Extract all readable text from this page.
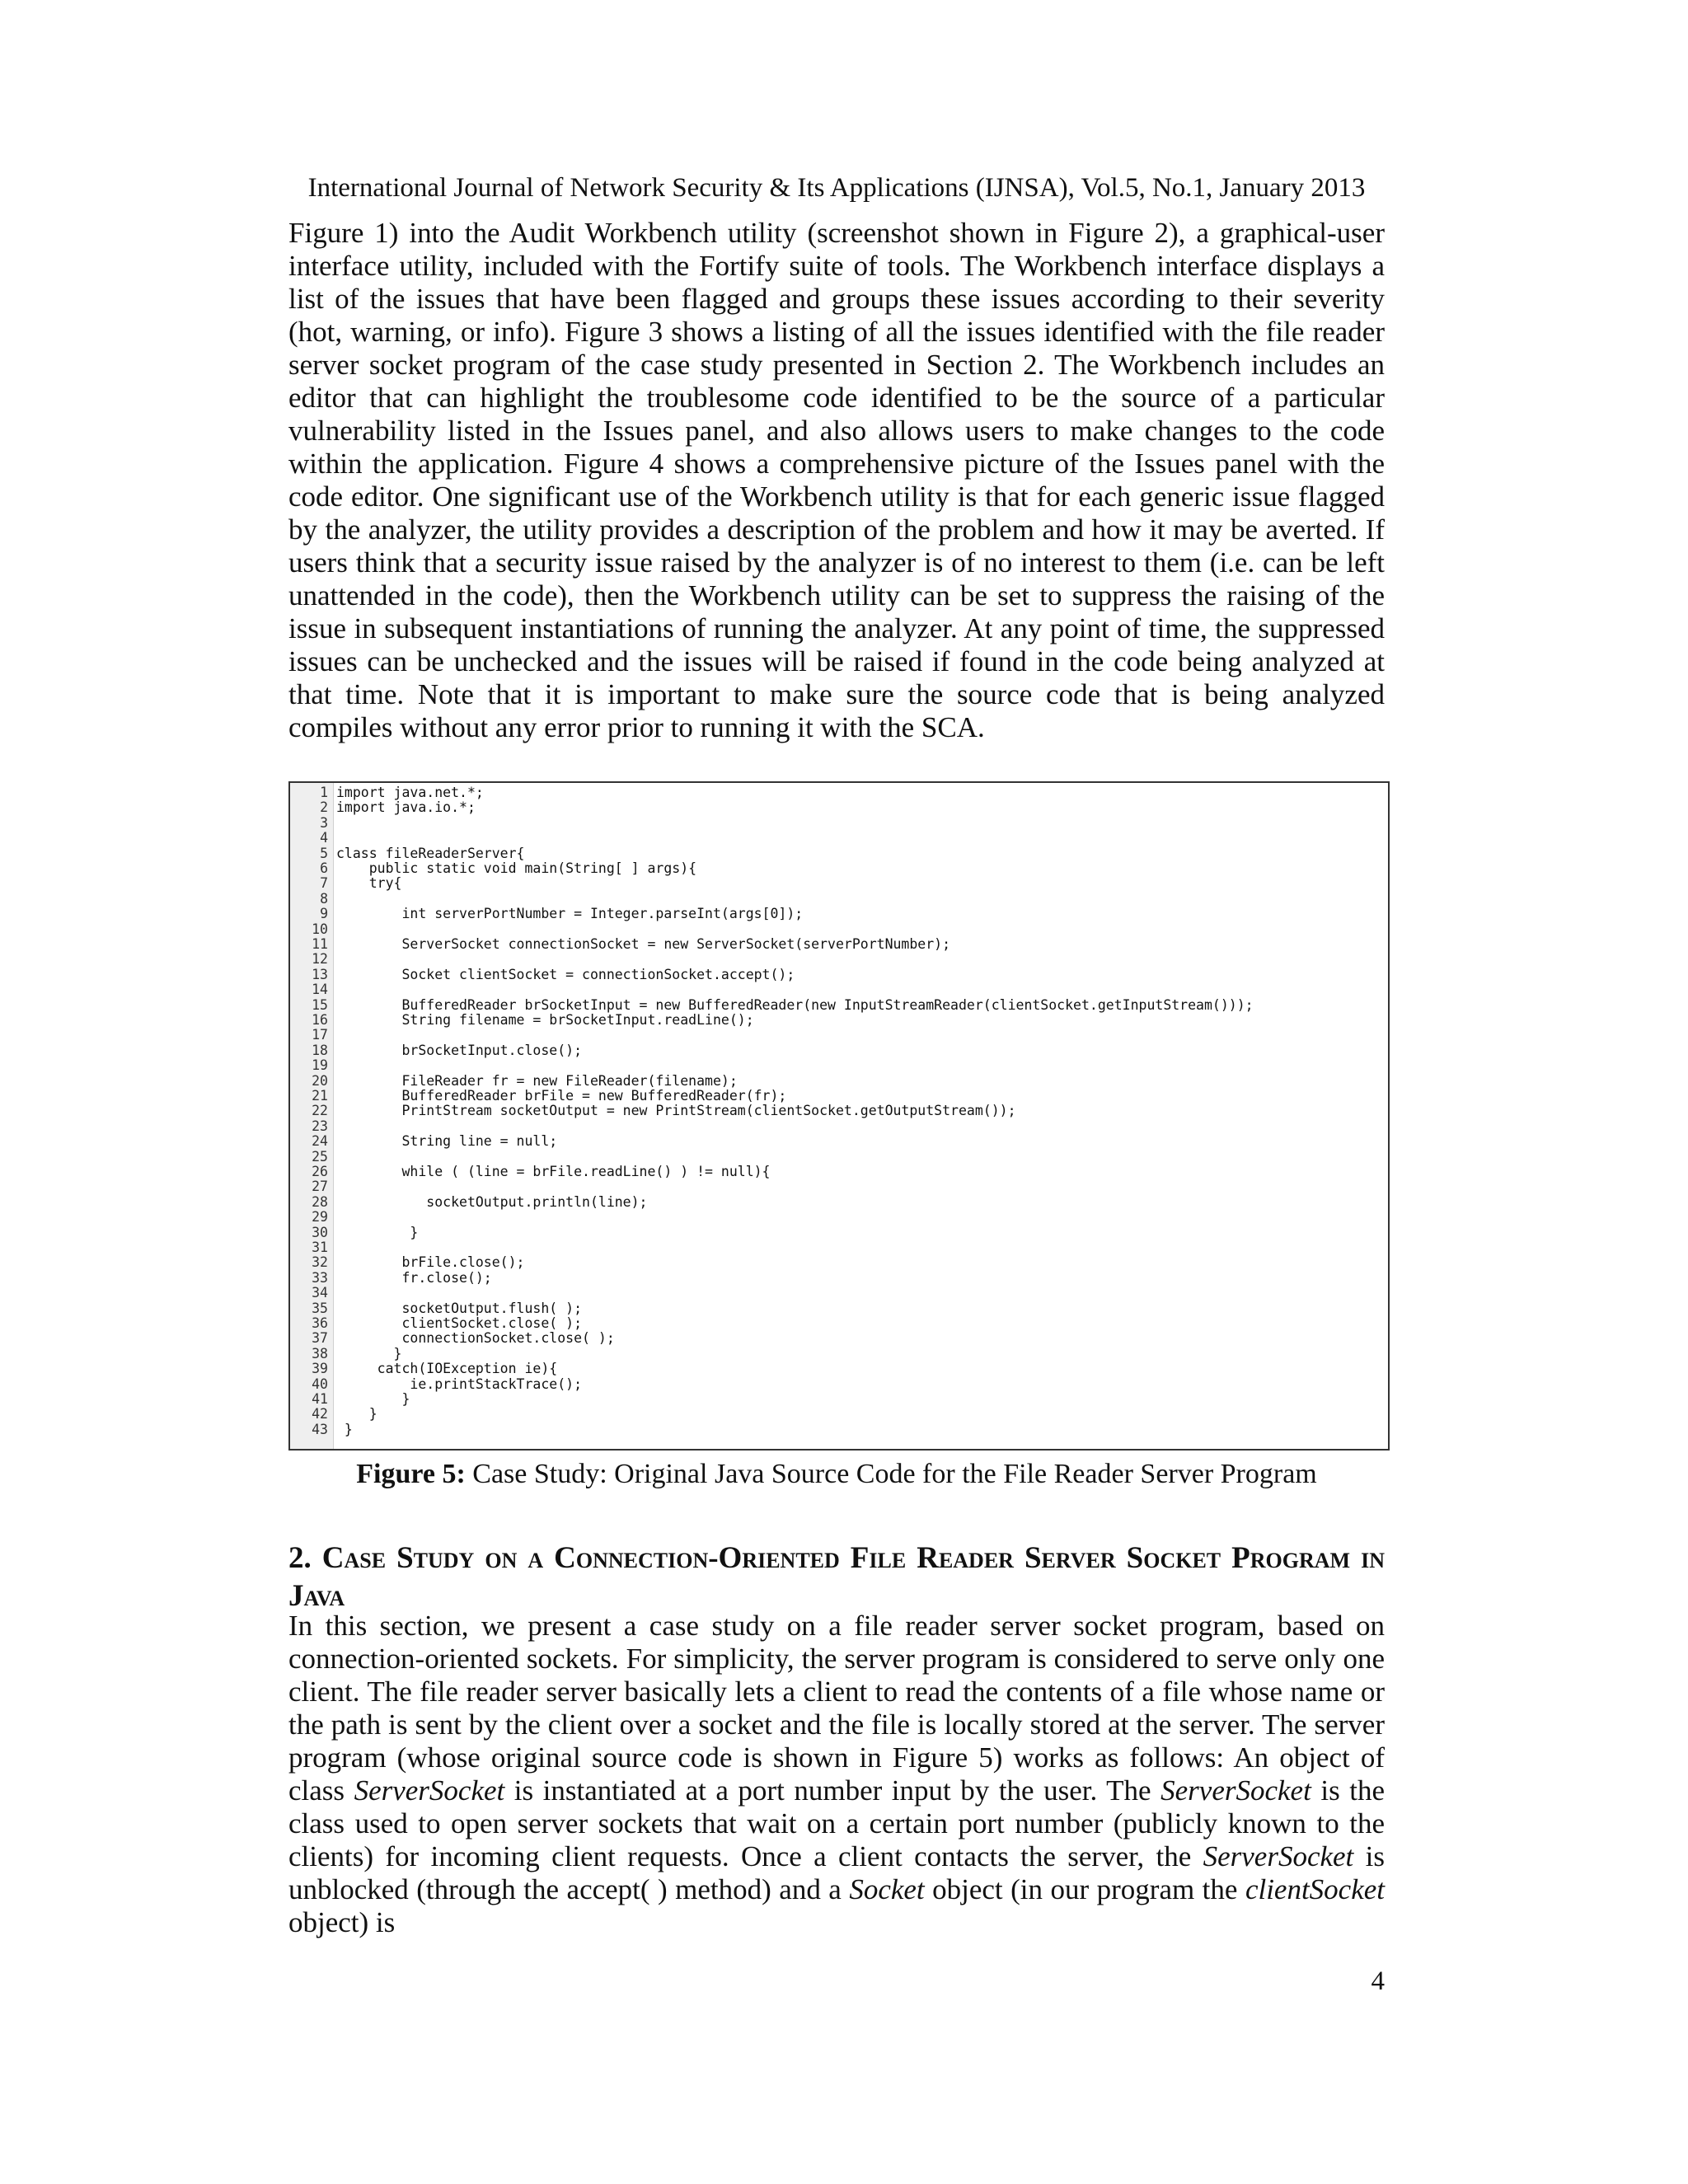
International Journal of Network Security & Its Applications (IJNSA), Vol.5, No.1, January 2013

Figure 1) into the Audit Workbench utility (screenshot shown in Figure 2), a graphical-user interface utility, included with the Fortify suite of tools. The Workbench interface displays a list of the issues that have been flagged and groups these issues according to their severity (hot, warning, or info). Figure 3 shows a listing of all the issues identified with the file reader server socket program of the case study presented in Section 2. The Workbench includes an editor that can highlight the troublesome code identified to be the source of a particular vulnerability listed in the Issues panel, and also allows users to make changes to the code within the application. Figure 4 shows a comprehensive picture of the Issues panel with the code editor. One significant use of the Workbench utility is that for each generic issue flagged by the analyzer, the utility provides a description of the problem and how it may be averted. If users think that a security issue raised by the analyzer is of no interest to them (i.e. can be left unattended in the code), then the Workbench utility can be set to suppress the raising of the issue in subsequent instantiations of running the analyzer. At any point of time, the suppressed issues can be unchecked and the issues will be raised if found in the code being analyzed at that time. Note that it is important to make sure the source code that is being analyzed compiles without any error prior to running it with the SCA.

1 import java.net.*;
2 import java.io.*;
3
4
5 class fileReaderServer{
6    public static void main(String[ ] args){
7    try{
8
9        int serverPortNumber = Integer.parseInt(args[0]);
10
11        ServerSocket connectionSocket = new ServerSocket(serverPortNumber);
12
13        Socket clientSocket = connectionSocket.accept();
14
15        BufferedReader brSocketInput = new BufferedReader(new InputStreamReader(clientSocket.getInputStream()));
16        String filename = brSocketInput.readLine();
17
18        brSocketInput.close();
19
20        FileReader fr = new FileReader(filename);
21        BufferedReader brFile = new BufferedReader(fr);
22        PrintStream socketOutput = new PrintStream(clientSocket.getOutputStream());
23
24        String line = null;
25
26        while ( (line = brFile.readLine() ) != null){
27
28           socketOutput.println(line);
29
30         }
31
32        brFile.close();
33        fr.close();
34
35        socketOutput.flush( );
36        clientSocket.close( );
37        connectionSocket.close( );
38       }
39     catch(IOException ie){
40         ie.printStackTrace();
41        }
42    }
43 }
Figure 5: Case Study: Original Java Source Code for the File Reader Server Program
2. Case Study on a Connection-Oriented File Reader Server Socket Program in Java

In this section, we present a case study on a file reader server socket program, based on connection-oriented sockets. For simplicity, the server program is considered to serve only one client. The file reader server basically lets a client to read the contents of a file whose name or the path is sent by the client over a socket and the file is locally stored at the server. The server program (whose original source code is shown in Figure 5) works as follows: An object of class ServerSocket is instantiated at a port number input by the user. The ServerSocket is the class used to open server sockets that wait on a certain port number (publicly known to the clients) for incoming client requests. Once a client contacts the server, the ServerSocket is unblocked (through the accept( ) method) and a Socket object (in our program the clientSocket object) is

4
